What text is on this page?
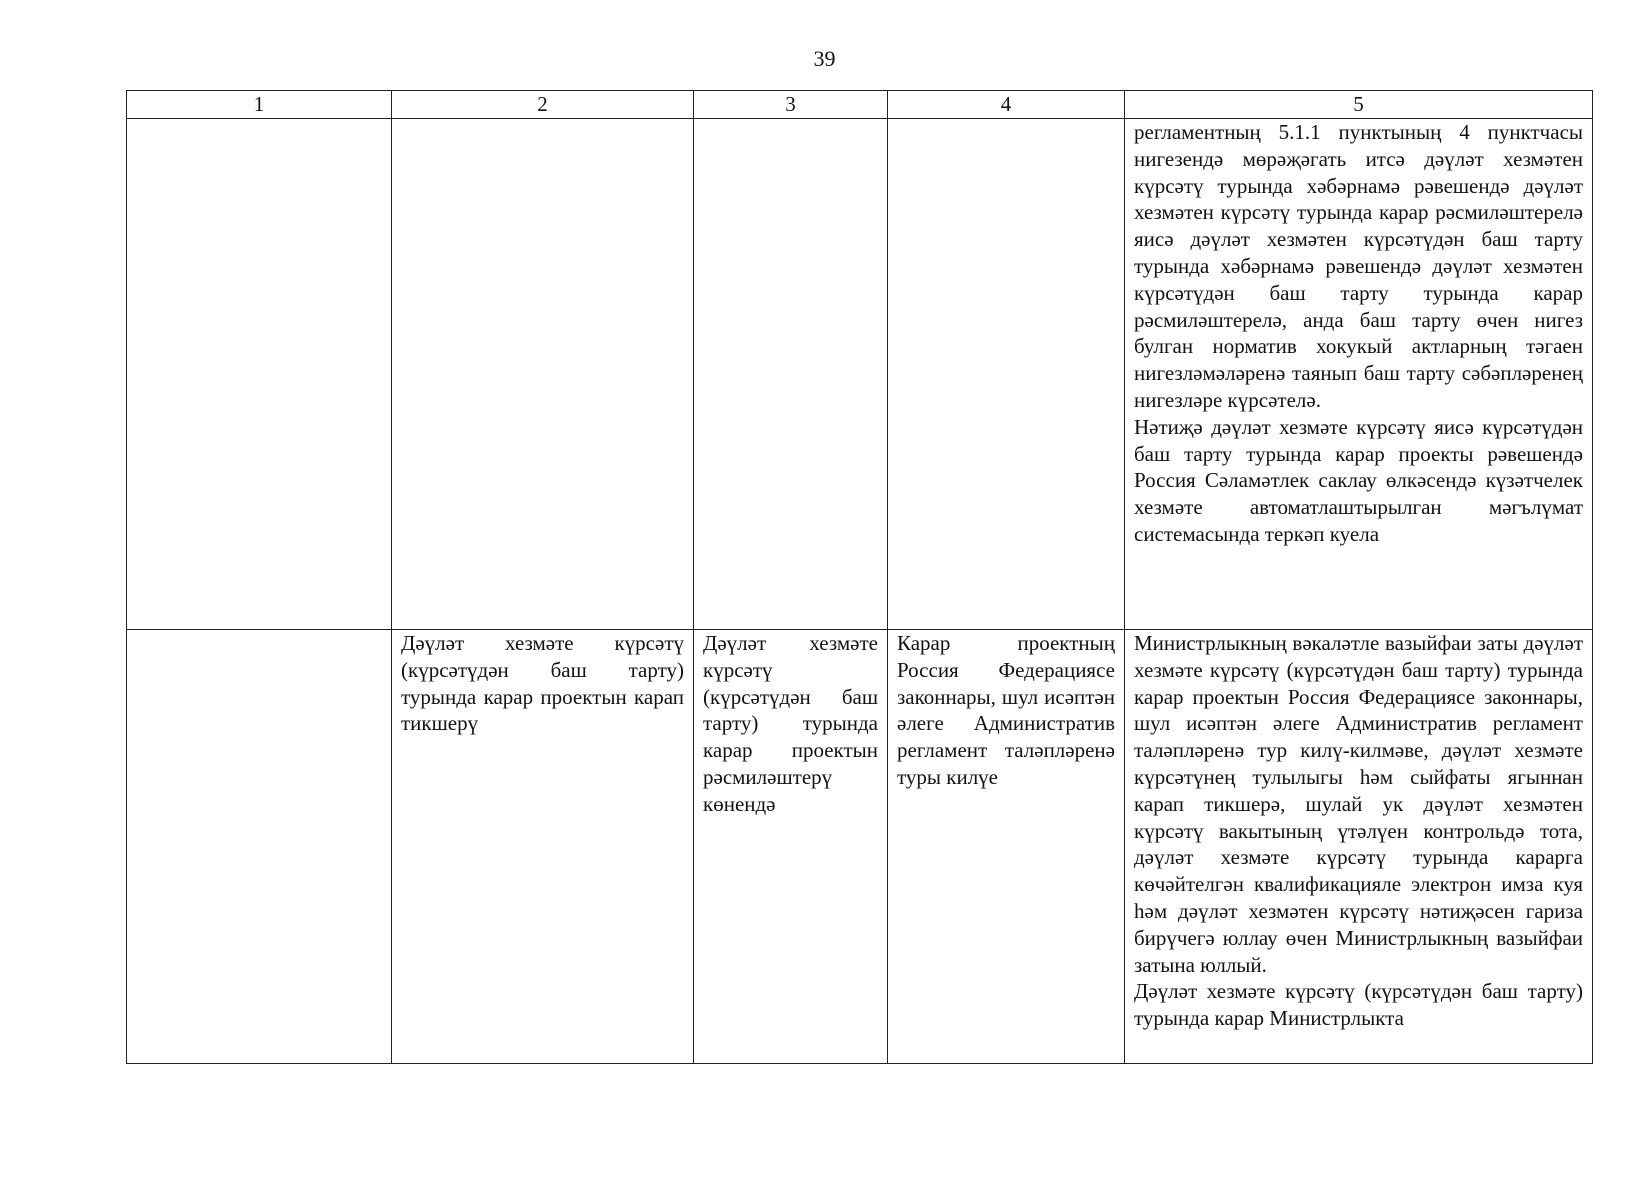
39
1	2	3	4	5

				регламентның 5.1.1 пунктының 4 пунктчасы нигезендә мөрәҗәгать итсә дәүләт хезмәтен күрсәтү турында хәбәрнамә рәвешендә дәүләт хезмәтен күрсәтү турында карар рәсмиләштерелә яисә дәүләт хезмәтен күрсәтүдән баш тарту турында хәбәрнамә рәвешендә дәүләт хезмәтен күрсәтүдән баш тарту турында карар рәсмиләштерелә, анда баш тарту өчен нигез булган норматив хокукый актларның тәгаен нигезләмәләренә таянып баш тарту сәбәпләренең нигезләре күрсәтелә.

Нәтиҗә дәүләт хезмәте күрсәтү яисә күрсәтүдән баш тарту турында карар проекты рәвешендә Россия Сәламәтлек саклау өлкәсендә күзәтчелек хезмәте автоматлаштырылган мәгълүмат системасында теркәп куела

	Дәүләт хезмәте күрсәтү (күрсәтүдән баш тарту) турында карар проектын карап тикшерү	Дәүләт хезмәте күрсәтү (күрсәтүдән баш тарту) турында карар проектын рәсмиләштерү көнендә	Карар проектның Россия Федерациясе законнары, шул исәптән әлеге Административ регламент таләпләренә туры килүе	Министрлыкның вәкаләтле вазыйфаи заты дәүләт хезмәте күрсәтү (күрсәтүдән баш тарту) турында карар проектын Россия Федерациясе законнары, шул исәптән әлеге Административ регламент таләпләренә тур килү-килмәве, дәүләт хезмәте күрсәтүнең тулылыгы һәм сыйфаты ягыннан карап тикшерә, шулай ук дәүләт хезмәтен күрсәтү вакытының үтәлүен контрольдә тота, дәүләт хезмәте күрсәтү турында карарга көчәйтелгән квалификацияле электрон имза куя һәм дәүләт хезмәтен күрсәтү нәтиҗәсен гариза бирүчегә юллау өчен Министрлыкның вазыйфаи затына юллый.

Дәүләт хезмәте күрсәтү (күрсәтүдән баш тарту) турында карар Министрлыкта
